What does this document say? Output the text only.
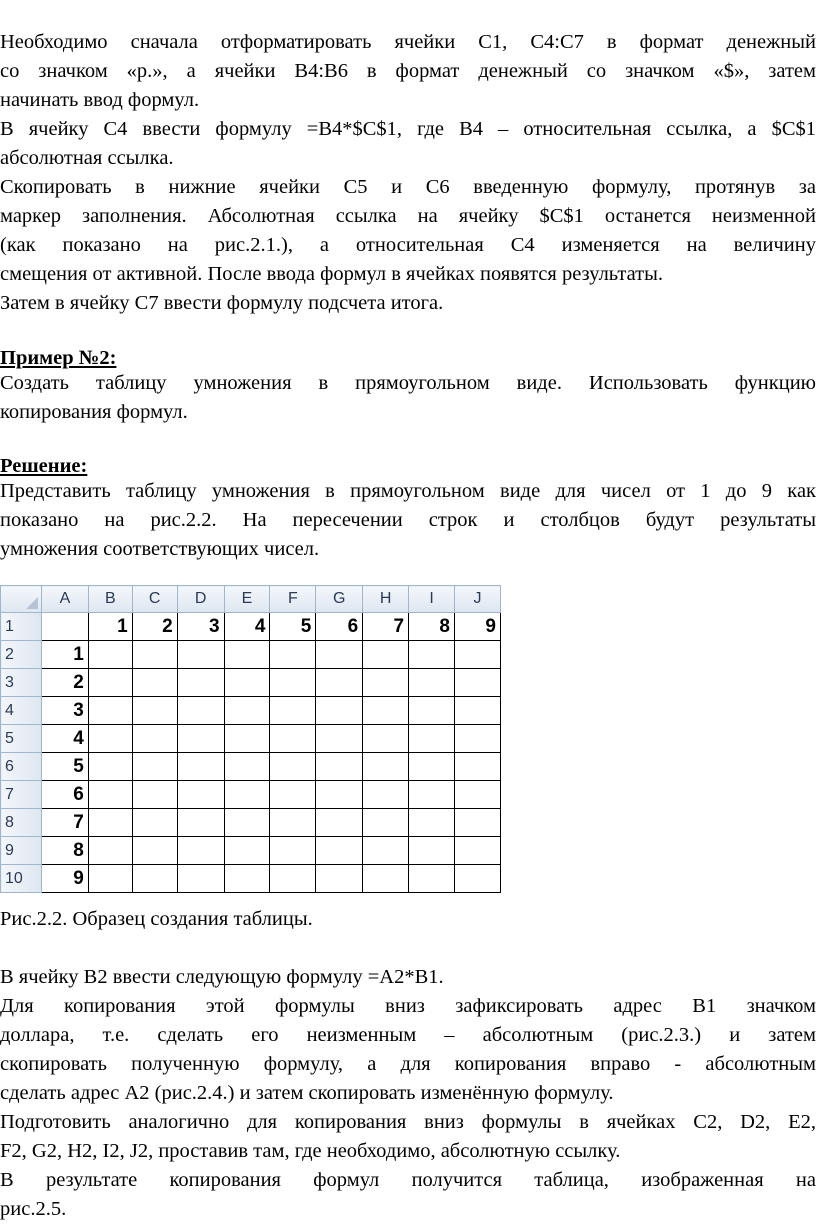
Необходимо сначала отформатировать ячейки C1, C4:C7 в формат денежный
со значком «р.», а ячейки B4:B6 в формат денежный со значком «$», затем
начинать ввод формул.
В ячейку С4 ввести формулу =B4*$C$1, где B4 – относительная ссылка, а $C$1
абсолютная ссылка.
Скопировать в нижние ячейки С5 и С6 введенную формулу, протянув за
маркер заполнения. Абсолютная ссылка на ячейку $C$1 останется неизменной
(как показано на рис.2.1.), а относительная С4 изменяется на величину
смещения от активной. После ввода формул в ячейках появятся результаты.
Затем в ячейку С7 ввести формулу подсчета итога.
Пример №2:
Создать таблицу умножения в прямоугольном виде. Использовать функцию
копирования формул.
Решение:
Представить таблицу умножения в прямоугольном виде для чисел от 1 до 9 как
показано на рис.2.2. На пересечении строк и столбцов будут результаты
умножения соответствующих чисел.
	A	B	C	D	E	F	G	H	I	J
1		1	2	3	4	5	6	7	8	9
2	1									
3	2									
4	3									
5	4									
6	5									
7	6									
8	7									
9	8									
10	9									
Рис.2.2. Образец создания таблицы.
В ячейку B2 ввести следующую формулу =A2*B1.
Для копирования этой формулы вниз зафиксировать адрес B1 значком
доллара, т.е. сделать его неизменным – абсолютным (рис.2.3.) и затем
скопировать полученную формулу, а для копирования вправо - абсолютным
сделать адрес A2 (рис.2.4.) и затем скопировать изменённую формулу.
Подготовить аналогично для копирования вниз формулы в ячейках C2, D2, E2,
F2, G2, H2, I2, J2, проставив там, где необходимо, абсолютную ссылку.
В результате копирования формул получится таблица, изображенная на
рис.2.5.
